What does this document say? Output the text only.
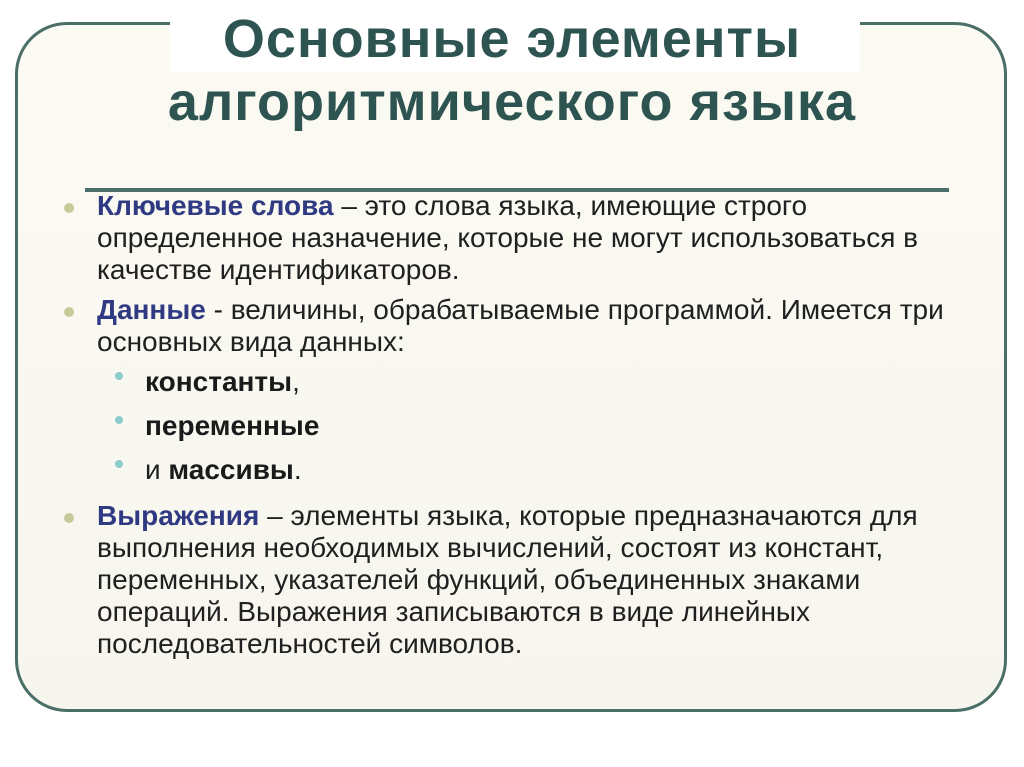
Основные элементы
алгоритмического языка
Ключевые слова – это слова языка, имеющие строго определенное назначение, которые не могут использоваться в качестве идентификаторов.
Данные - величины, обрабатываемые программой. Имеется три основных вида данных:
константы,
переменные
и массивы.
Выражения – элементы языка, которые предназначаются для выполнения необходимых вычислений, состоят из констант, переменных, указателей функций, объединенных знаками операций. Выражения записываются в виде линейных последовательностей символов.
